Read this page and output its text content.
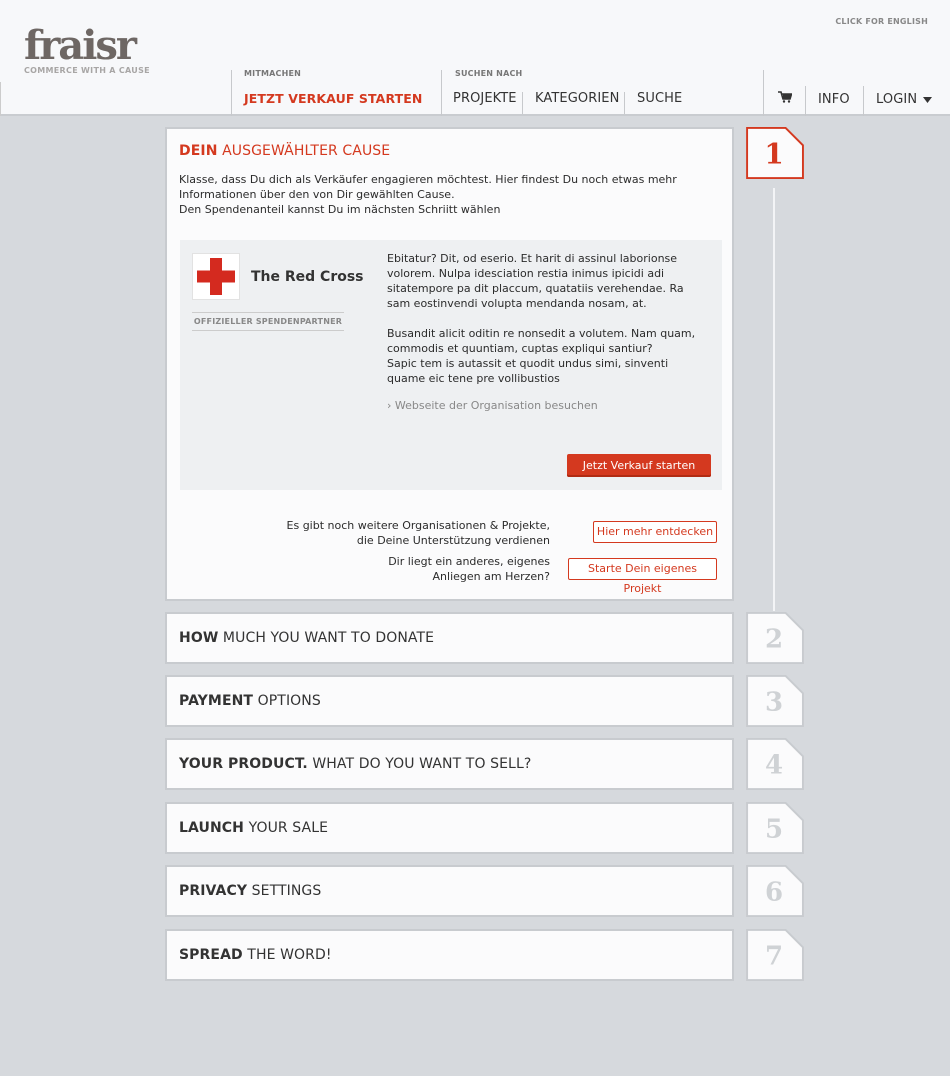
fraisr
COMMERCE WITH A CAUSE
CLICK FOR ENGLISH
MITMACHEN
JETZT VERKAUF STARTEN
SUCHEN NACH
PROJEKTE KATEGORIEN SUCHE	INFO LOGIN
DEIN AUSGEWÄHLTER CAUSE
Klasse, dass Du dich als Verkäufer engagieren möchtest. Hier findest Du noch etwas mehr Informationen über den von Dir gewählten Cause.
Den Spendenanteil kannst Du im nächsten Schriitt wählen
The Red Cross
OFFIZIELLER SPENDENPARTNER
Ebitatur? Dit, od eserio. Et harit di assinul laborionse volorem. Nulpa idesciation restia inimus ipicidi adi sitatempore pa dit placcum, quatatiis verehendae. Ra sam eostinvendi volupta mendanda nosam, at.
Busandit alicit oditin re nonsedit a volutem. Nam quam, commodis et quuntiam, cuptas expliqui santiur?
Sapic tem is autassit et quodit undus simi, sinventi quame eic tene pre vollibustios
› Webseite der Organisation besuchen
Jetzt Verkauf starten
Es gibt noch weitere Organisationen & Projekte,
die Deine Unterstützung verdienen
Hier mehr entdecken
Dir liegt ein anderes, eigenes
Anliegen am Herzen?
Starte Dein eigenes Projekt
1
HOW MUCH YOU WANT TO DONATE	2
PAYMENT OPTIONS	3
YOUR PRODUCT. WHAT DO YOU WANT TO SELL?	4
LAUNCH YOUR SALE	5
PRIVACY SETTINGS	6
SPREAD THE WORD!	7
